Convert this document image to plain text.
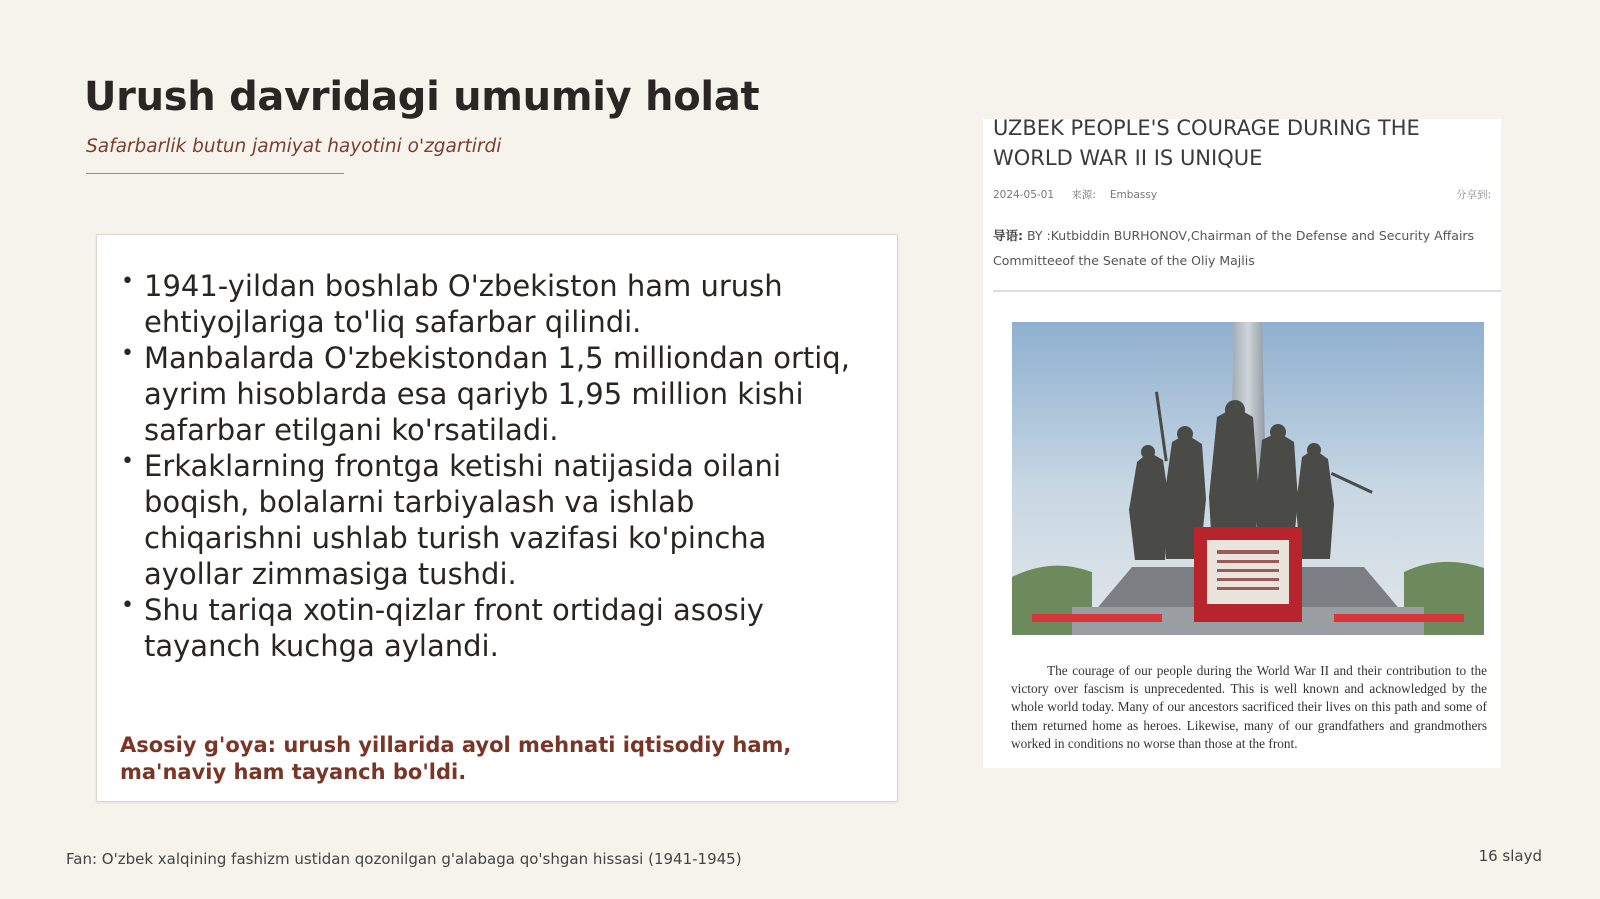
Urush davridagi umumiy holat
Safarbarlik butun jamiyat hayotini o'zgartirdi
• 1941-yildan boshlab O'zbekiston ham urush ehtiyojlariga to'liq safarbar qilindi.
• Manbalarda O'zbekistondan 1,5 milliondan ortiq, ayrim hisoblarda esa qariyb 1,95 million kishi safarbar etilgani ko'rsatiladi.
• Erkaklarning frontga ketishi natijasida oilani boqish, bolalarni tarbiyalash va ishlab chiqarishni ushlab turish vazifasi ko'pincha ayollar zimmasiga tushdi.
• Shu tariqa xotin-qizlar front ortidagi asosiy tayanch kuchga aylandi.
Asosiy g'oya: urush yillarida ayol mehnati iqtisodiy ham, ma'naviy ham tayanch bo'ldi.
UZBEK PEOPLE'S COURAGE DURING THE WORLD WAR II IS UNIQUE
2024-05-01 来源: Embassy	分享到:
导语: BY :Kutbiddin BURHONOV,Chairman of the Defense and Security Affairs Committeeof the Senate of the Oliy Majlis
The courage of our people during the World War II and their contribution to the victory over fascism is unprecedented. This is well known and acknowledged by the whole world today. Many of our ancestors sacrificed their lives on this path and some of them returned home as heroes. Likewise, many of our grandfathers and grandmothers worked in conditions no worse than those at the front.
Fan: O'zbek xalqining fashizm ustidan qozonilgan g'alabaga qo'shgan hissasi (1941-1945)	16 slayd
